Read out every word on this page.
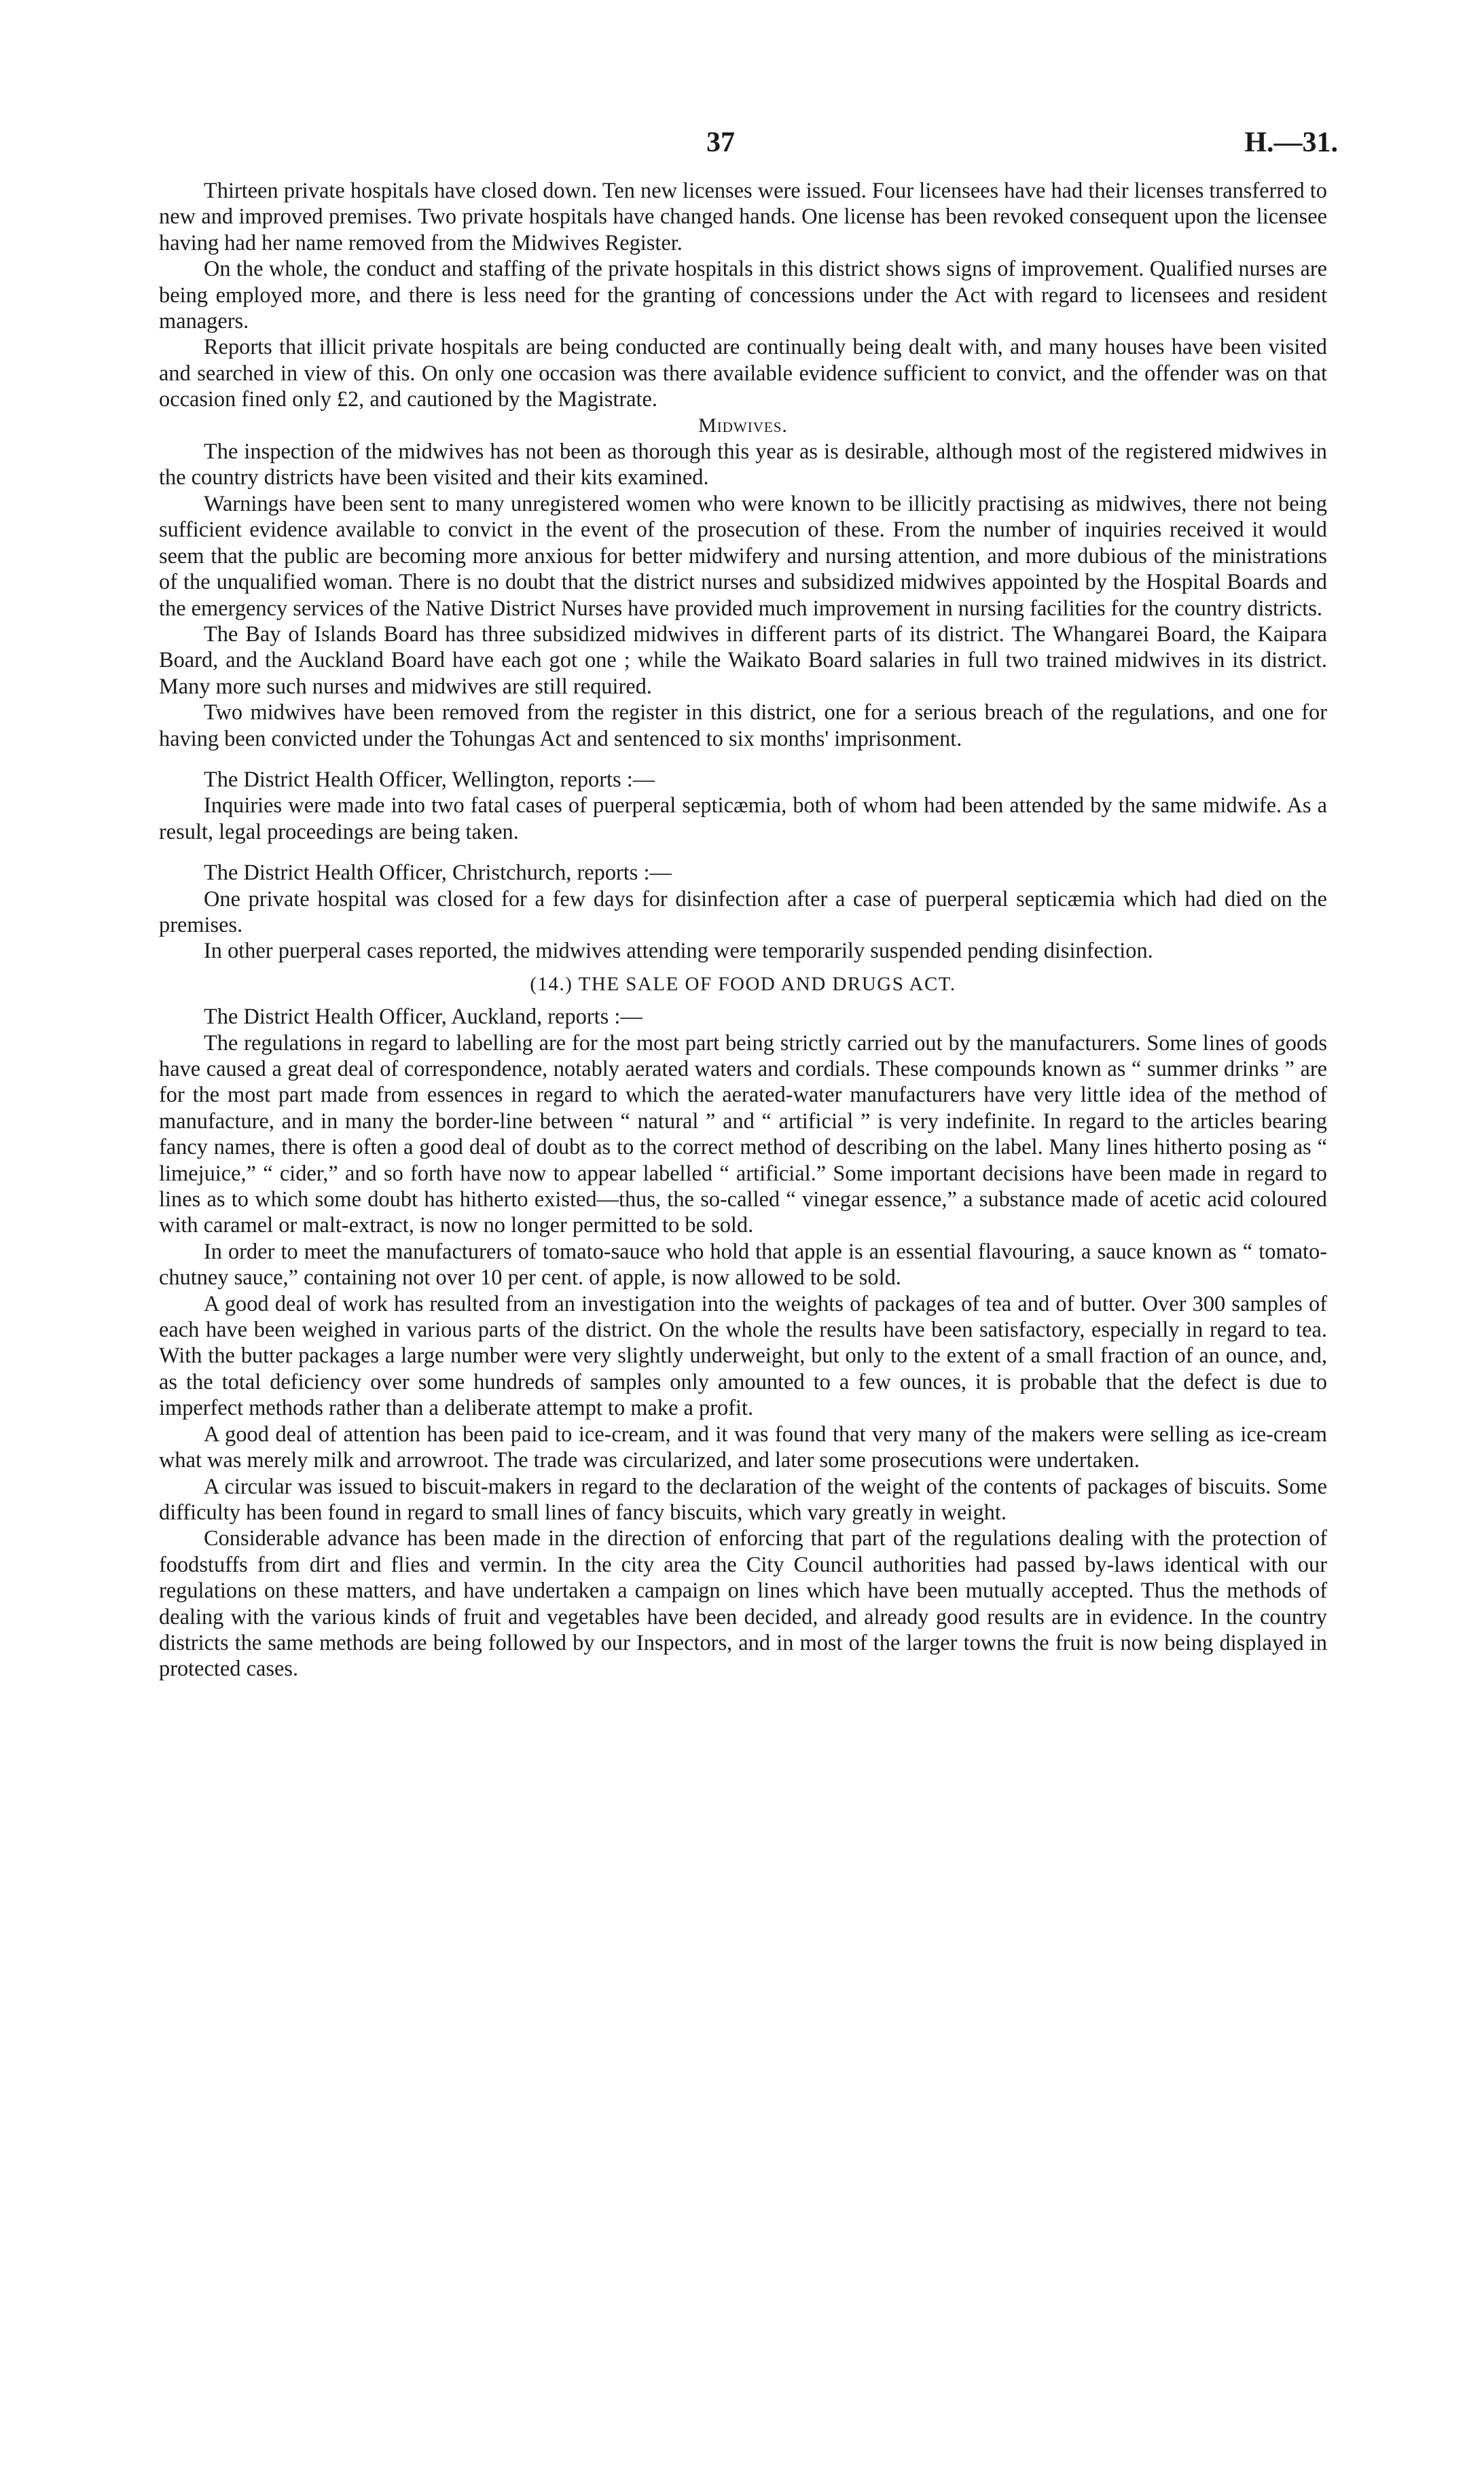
37	H.—31.

Thirteen private hospitals have closed down. Ten new licenses were issued. Four licensees have had their licenses transferred to new and improved premises. Two private hospitals have changed hands. One license has been revoked consequent upon the licensee having had her name removed from the Midwives Register.

On the whole, the conduct and staffing of the private hospitals in this district shows signs of improvement. Qualified nurses are being employed more, and there is less need for the granting of concessions under the Act with regard to licensees and resident managers.

Reports that illicit private hospitals are being conducted are continually being dealt with, and many houses have been visited and searched in view of this. On only one occasion was there available evidence sufficient to convict, and the offender was on that occasion fined only £2, and cautioned by the Magistrate.

Midwives.

The inspection of the midwives has not been as thorough this year as is desirable, although most of the registered midwives in the country districts have been visited and their kits examined.

Warnings have been sent to many unregistered women who were known to be illicitly practising as midwives, there not being sufficient evidence available to convict in the event of the prosecution of these. From the number of inquiries received it would seem that the public are becoming more anxious for better midwifery and nursing attention, and more dubious of the ministrations of the unqualified woman. There is no doubt that the district nurses and subsidized midwives appointed by the Hospital Boards and the emergency services of the Native District Nurses have provided much improvement in nursing facilities for the country districts.

The Bay of Islands Board has three subsidized midwives in different parts of its district. The Whangarei Board, the Kaipara Board, and the Auckland Board have each got one ; while the Waikato Board salaries in full two trained midwives in its district. Many more such nurses and midwives are still required.

Two midwives have been removed from the register in this district, one for a serious breach of the regulations, and one for having been convicted under the Tohungas Act and sentenced to six months' imprisonment.

The District Health Officer, Wellington, reports :—

Inquiries were made into two fatal cases of puerperal septicæmia, both of whom had been attended by the same midwife. As a result, legal proceedings are being taken.

The District Health Officer, Christchurch, reports :—

One private hospital was closed for a few days for disinfection after a case of puerperal septicæmia which had died on the premises.

In other puerperal cases reported, the midwives attending were temporarily suspended pending disinfection.

(14.) THE SALE OF FOOD AND DRUGS ACT.

The District Health Officer, Auckland, reports :—

The regulations in regard to labelling are for the most part being strictly carried out by the manufacturers. Some lines of goods have caused a great deal of correspondence, notably aerated waters and cordials. These compounds known as “ summer drinks ” are for the most part made from essences in regard to which the aerated-water manufacturers have very little idea of the method of manufacture, and in many the border-line between “ natural ” and “ artificial ” is very indefinite. In regard to the articles bearing fancy names, there is often a good deal of doubt as to the correct method of describing on the label. Many lines hitherto posing as “ limejuice,” “ cider,” and so forth have now to appear labelled “ artificial.” Some important decisions have been made in regard to lines as to which some doubt has hitherto existed—thus, the so-called “ vinegar essence,” a substance made of acetic acid coloured with caramel or malt-extract, is now no longer permitted to be sold.

In order to meet the manufacturers of tomato-sauce who hold that apple is an essential flavouring, a sauce known as “ tomato-chutney sauce,” containing not over 10 per cent. of apple, is now allowed to be sold.

A good deal of work has resulted from an investigation into the weights of packages of tea and of butter. Over 300 samples of each have been weighed in various parts of the district. On the whole the results have been satisfactory, especially in regard to tea. With the butter packages a large number were very slightly underweight, but only to the extent of a small fraction of an ounce, and, as the total deficiency over some hundreds of samples only amounted to a few ounces, it is probable that the defect is due to imperfect methods rather than a deliberate attempt to make a profit.

A good deal of attention has been paid to ice-cream, and it was found that very many of the makers were selling as ice-cream what was merely milk and arrowroot. The trade was circularized, and later some prosecutions were undertaken.

A circular was issued to biscuit-makers in regard to the declaration of the weight of the contents of packages of biscuits. Some difficulty has been found in regard to small lines of fancy biscuits, which vary greatly in weight.

Considerable advance has been made in the direction of enforcing that part of the regulations dealing with the protection of foodstuffs from dirt and flies and vermin. In the city area the City Council authorities had passed by-laws identical with our regulations on these matters, and have undertaken a campaign on lines which have been mutually accepted. Thus the methods of dealing with the various kinds of fruit and vegetables have been decided, and already good results are in evidence. In the country districts the same methods are being followed by our Inspectors, and in most of the larger towns the fruit is now being displayed in protected cases.
